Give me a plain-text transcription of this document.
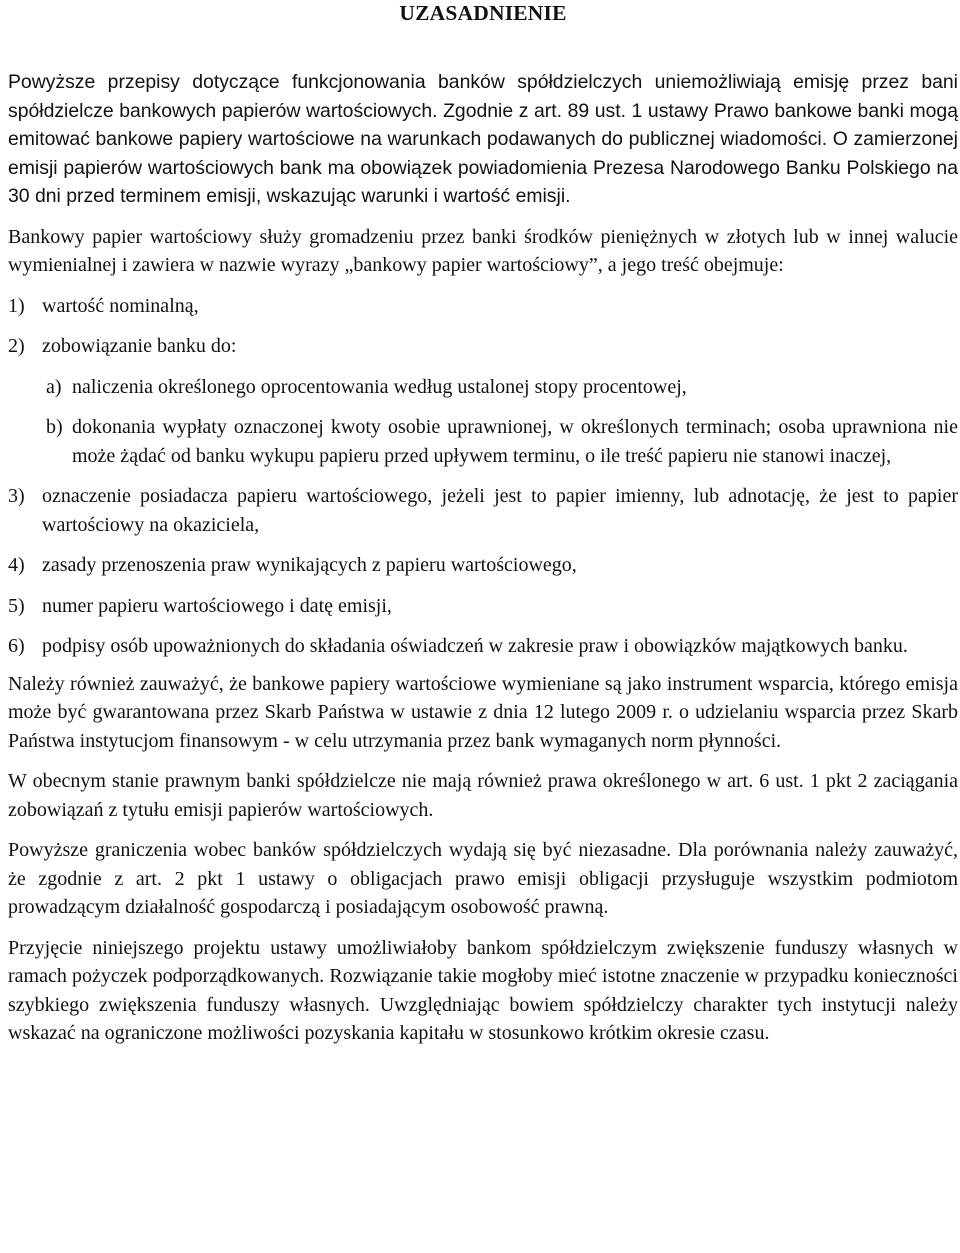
UZASADNIENIE

Powyższe przepisy dotyczące funkcjonowania banków spółdzielczych uniemożliwiają emisję przez bani spółdzielcze bankowych papierów wartościowych. Zgodnie z art. 89 ust. 1 ustawy Prawo bankowe banki mogą emitować bankowe papiery wartościowe na warunkach podawanych do publicznej wiadomości. O zamierzonej emisji papierów wartościowych bank ma obowiązek powiadomienia Prezesa Narodowego Banku Polskiego na 30 dni przed terminem emisji, wskazując warunki i wartość emisji.

Bankowy papier wartościowy służy gromadzeniu przez banki środków pieniężnych w złotych lub w innej walucie wymienialnej i zawiera w nazwie wyrazy „bankowy papier wartościowy”, a jego treść obejmuje:

1) wartość nominalną,
2) zobowiązanie banku do:
a) naliczenia określonego oprocentowania według ustalonej stopy procentowej,
b) dokonania wypłaty oznaczonej kwoty osobie uprawnionej, w określonych terminach; osoba uprawniona nie może żądać od banku wykupu papieru przed upływem terminu, o ile treść papieru nie stanowi inaczej,
3) oznaczenie posiadacza papieru wartościowego, jeżeli jest to papier imienny, lub adnotację, że jest to papier wartościowy na okaziciela,
4) zasady przenoszenia praw wynikających z papieru wartościowego,
5) numer papieru wartościowego i datę emisji,
6) podpisy osób upoważnionych do składania oświadczeń w zakresie praw i obowiązków majątkowych banku.

Należy również zauważyć, że bankowe papiery wartościowe wymieniane są jako instrument wsparcia, którego emisja może być gwarantowana przez Skarb Państwa w ustawie z dnia 12 lutego 2009 r. o udzielaniu wsparcia przez Skarb Państwa instytucjom finansowym - w celu utrzymania przez bank wymaganych norm płynności.

W obecnym stanie prawnym banki spółdzielcze nie mają również prawa określonego w art. 6 ust. 1 pkt 2 zaciągania zobowiązań z tytułu emisji papierów wartościowych.

Powyższe graniczenia wobec banków spółdzielczych wydają się być niezasadne. Dla porównania należy zauważyć, że zgodnie z art. 2 pkt 1 ustawy o obligacjach prawo emisji obligacji przysługuje wszystkim podmiotom prowadzącym działalność gospodarczą i posiadającym osobowość prawną.

Przyjęcie niniejszego projektu ustawy umożliwiałoby bankom spółdzielczym zwiększenie funduszy własnych w ramach pożyczek podporządkowanych. Rozwiązanie takie mogłoby mieć istotne znaczenie w przypadku konieczności szybkiego zwiększenia funduszy własnych. Uwzględniając bowiem spółdzielczy charakter tych instytucji należy wskazać na ograniczone możliwości pozyskania kapitału w stosunkowo krótkim okresie czasu.
